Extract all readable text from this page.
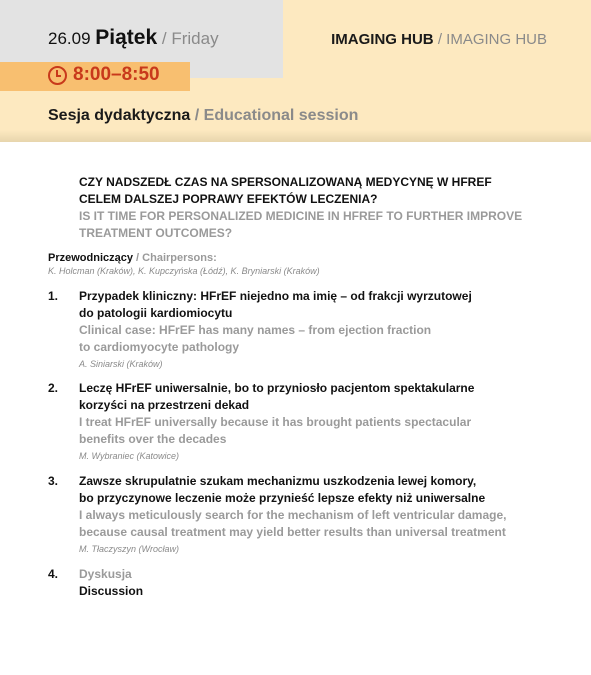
26.09 Piątek / Friday	IMAGING HUB / IMAGING HUB
8:00–8:50
Sesja dydaktyczna / Educational session
CZY NADSZEDŁ CZAS NA SPERSONALIZOWANĄ MEDYCYNĘ W HFREF
CELEM DALSZEJ POPRAWY EFEKTÓW LECZENIA?
IS IT TIME FOR PERSONALIZED MEDICINE IN HFREF TO FURTHER IMPROVE
TREATMENT OUTCOMES?
Przewodniczący / Chairpersons:
K. Holcman (Kraków), K. Kupczyńska (Łódź), K. Bryniarski (Kraków)
1. Przypadek kliniczny: HFrEF niejedno ma imię – od frakcji wyrzutowej
do patologii kardiomiocytu
Clinical case: HFrEF has many names – from ejection fraction
to cardiomyocyte pathology
A. Siniarski (Kraków)
2. Leczę HFrEF uniwersalnie, bo to przyniosło pacjentom spektakularne
korzyści na przestrzeni dekad
I treat HFrEF universally because it has brought patients spectacular
benefits over the decades
M. Wybraniec (Katowice)
3. Zawsze skrupulatnie szukam mechanizmu uszkodzenia lewej komory,
bo przyczynowe leczenie może przynieść lepsze efekty niż uniwersalne
I always meticulously search for the mechanism of left ventricular damage,
because causal treatment may yield better results than universal treatment
M. Tłaczyszyn (Wrocław)
4. Dyskusja
Discussion
